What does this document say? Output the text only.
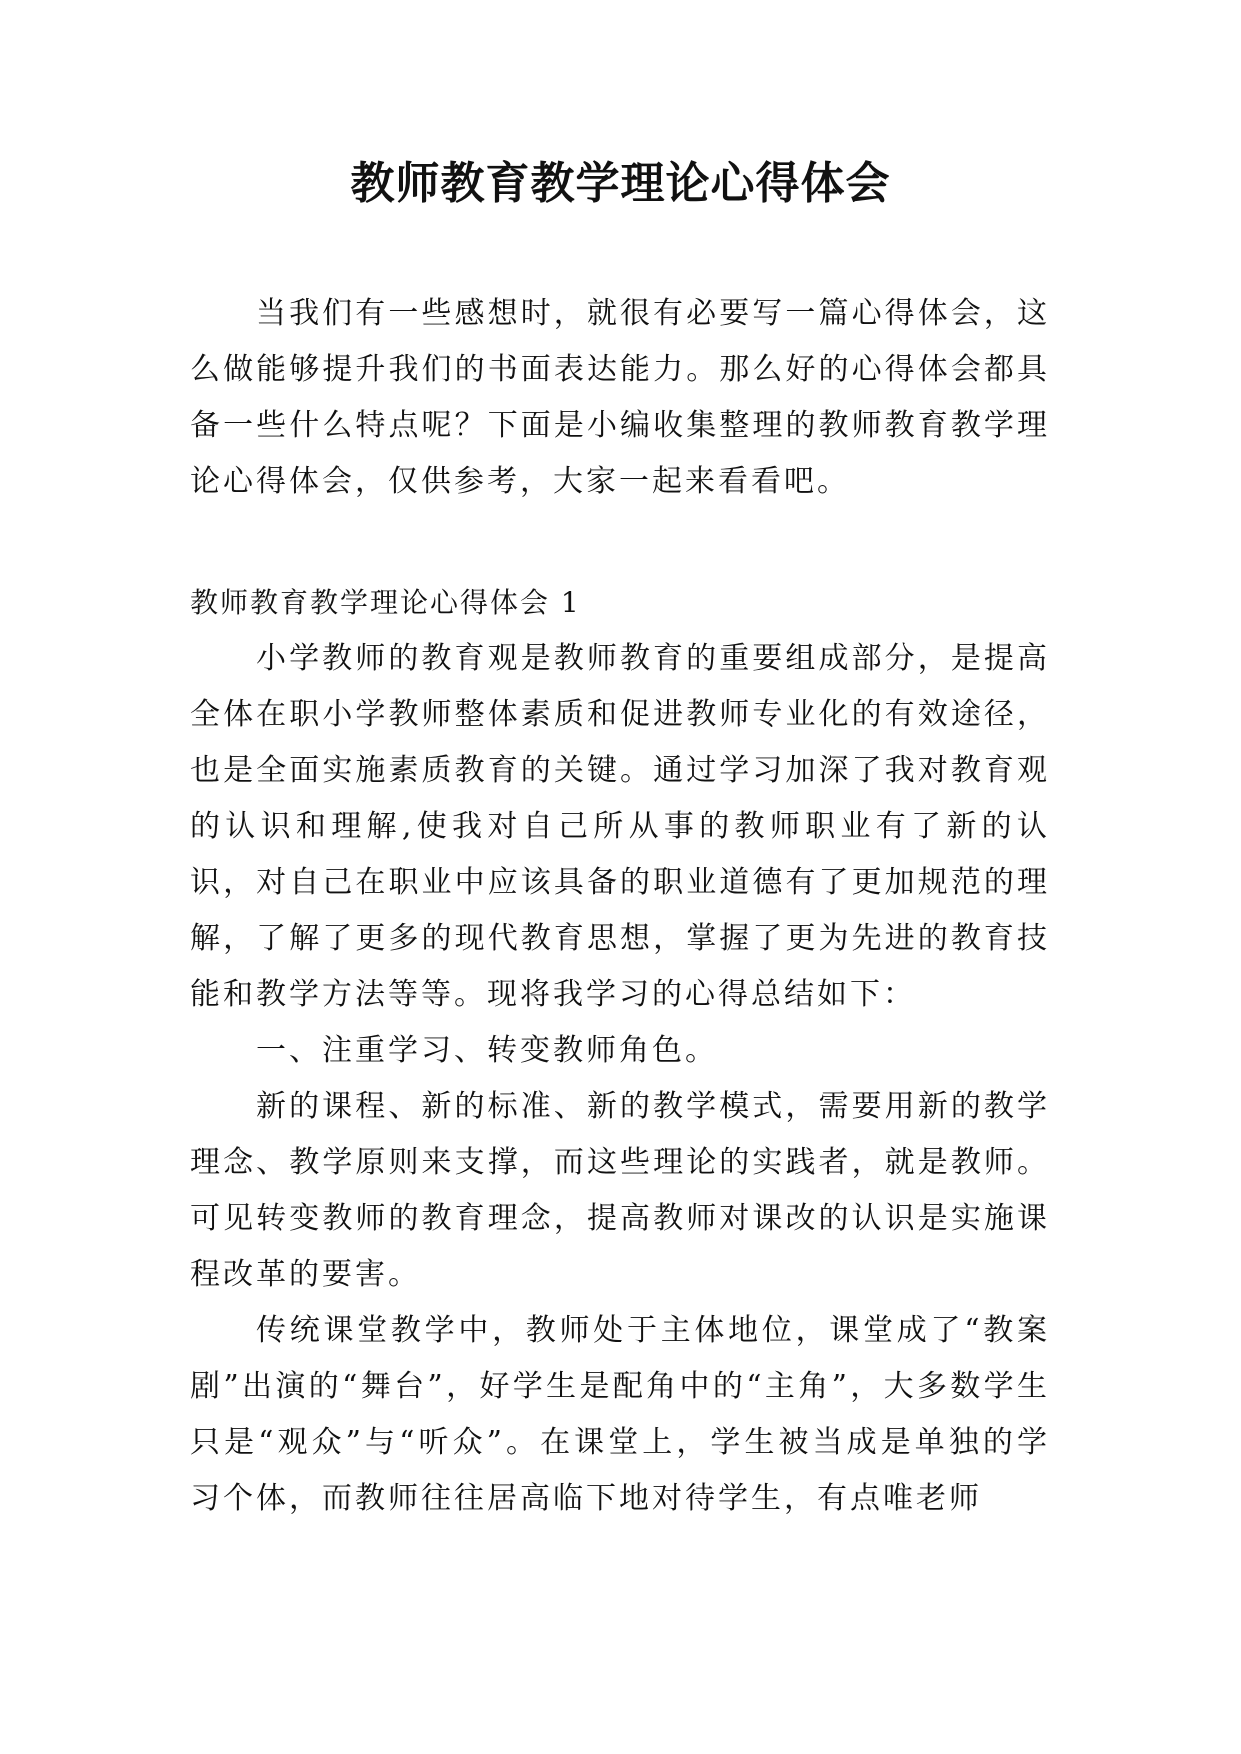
教师教育教学理论心得体会

当我们有一些感想时，就很有必要写一篇心得体会，这么做能够提升我们的书面表达能力。那么好的心得体会都具备一些什么特点呢？下面是小编收集整理的教师教育教学理论心得体会，仅供参考，大家一起来看看吧。

教师教育教学理论心得体会 1

小学教师的教育观是教师教育的重要组成部分，是提高全体在职小学教师整体素质和促进教师专业化的有效途径，也是全面实施素质教育的关键。通过学习加深了我对教育观的认识和理解,使我对自己所从事的教师职业有了新的认识，对自己在职业中应该具备的职业道德有了更加规范的理解，了解了更多的现代教育思想，掌握了更为先进的教育技能和教学方法等等。现将我学习的心得总结如下：

一、注重学习、转变教师角色。

新的课程、新的标准、新的教学模式，需要用新的教学理念、教学原则来支撑，而这些理论的实践者，就是教师。可见转变教师的教育理念，提高教师对课改的认识是实施课程改革的要害。

传统课堂教学中，教师处于主体地位，课堂成了“教案剧”出演的“舞台”，好学生是配角中的“主角”，大多数学生只是“观众”与“听众”。在课堂上，学生被当成是单独的学习个体，而教师往往居高临下地对待学生，有点唯老师
